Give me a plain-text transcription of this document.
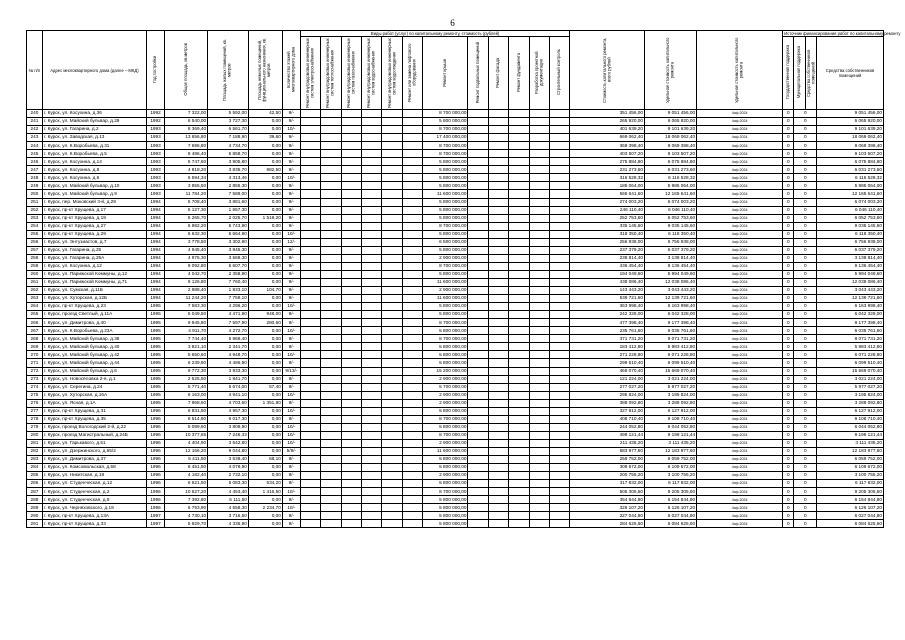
6
№ п/п	Адрес многоквартирного дома (далее – МКД)	Год постройки	Общая площадь, кв.метров	Площадь жилых помещений, кв. метров	Площадь нежилых помещений, функционального назначения, кв. метров	Количество этажей многоквартирного дома	Виды работ (услуг) по капитальному ремонту, стоимость (рублей)												Стоимость капитального ремонта, всего рублей	Удельная стоимость капитального ремонта	Удельная стоимость капитального ремонта	Источник финансирования работ по капитальному ремонту			
							Ремонт внутридомовых инженерных систем электроснабжения	Ремонт внутридомовых инженерных систем теплоснабжения	Ремонт внутридомовых инженерных систем газоснабжения	Ремонт внутридомовых инженерных систем водоснабжения	Ремонт внутридомовых инженерных систем водоотведения	Ремонт или замена лифтового оборудования	Ремонт крыши	Ремонт подвальных помещений	Ремонт фасада	Ремонт фундамента	Разработка проектной документации	Строительный контроль				Государственная поддержка	Муниципальная поддержка	Средства собственников помещений	Средства собственников помещений
240	г. Курск, ул. Косухина, д.36	1992	7 322,00	5 592,00	42,50	9/-							8 700 000,00						351 456,00	9 051 456,00	4сф.2024	0	0		9 051 456,00
241	г. Курск, ул. Майский бульвар, д.29	1992	6 540,00	3 727,30	0,00	9/-							5 800 000,00						265 920,00	6 065 920,00	4сф.2024	0	0		6 065 920,00
242	г. Курск, ул. Гагарина, д.2	1993	8 369,40	6 561,70	0,00	10/-							8 700 000,00						401 639,20	9 101 639,20	4сф.2024	0	0		9 101 639,20
243	г. Курск, ул. Заводская, д.13	1993	13 656,80	7 188,90	39,60	9/-							17 400 000,00						669 062,40	18 069 062,40	4сф.2024	0	0		18 069 062,40
244	г. Курск, ул. К.Воробьева, д.31	1993	7 696,80	4 734,70	0,00	9/-							8 700 000,00						369 398,40	9 069 398,40	4сф.2024	0	0		9 069 398,40
245	г. Курск, ул. К.Воробьева, д.5	1993	8 486,40	5 858,70	0,00	9/-							8 700 000,00						403 507,20	9 103 507,20	4сф.2024	0	0		9 103 507,20
246	г. Курск, ул. Косухина, д.14	1993	5 747,60	3 905,80	0,00	9/-							5 800 000,00						275 884,80	6 075 884,80	4сф.2024	0	0		6 075 884,80
247	г. Курск, ул. Косухина, д.8	1993	4 818,20	3 835,70	982,50	9/-							5 800 000,00						231 273,60	6 031 273,60	4сф.2024	0	0		6 031 273,60
248	г. Курск, ул. Косухина, д.6	1993	6 594,34	4 313,46	0,00	10/-							5 800 000,00						316 528,32	6 116 528,32	4сф.2024	0	0		6 116 528,32
249	г. Курск, ул. Майский бульвар, д.10	1993	3 855,50	2 855,30	0,00	9/-							5 800 000,00						185 064,00	5 985 064,00	4сф.2024	0	0		5 985 064,00
250	г. Курск, ул. Майский бульвар, д.9	1993	11 784,20	7 588,00	0,00	9/-							11 600 000,00						565 641,60	12 165 641,60	4сф.2024	0	0		12 165 641,60
251	г. Курск, пер. Моковский 3-й, д.29	1994	5 708,40	3 881,60	0,00	9/-							5 800 000,00						274 003,20	6 074 003,20	4сф.2024	0	0		6 074 003,20
252	г. Курск, пр-кт Хрущева, д.17	1994	5 127,30	1 657,30	0,00	9/-							5 800 000,00						246 110,40	6 046 110,40	4сф.2024	0	0		6 046 110,40
253	г. Курск, пр-кт Хрущева, д.19	1994	5 265,70	2 025,70	1 519,20	9/-							5 800 000,00						252 753,60	6 052 753,60	4сф.2024	0	0		6 052 753,60
254	г. Курск, пр-кт Хрущева, д.27	1994	6 982,20	5 743,90	0,00	9/-							8 700 000,00						335 145,60	9 035 145,60	4сф.2024	0	0		9 035 145,60
255	г. Курск, пр-кт Хрущева, д.29	1994	6 632,30	5 664,90	0,00	10/-							5 800 000,00						318 350,40	6 118 350,40	4сф.2024	0	0		6 118 350,40
256	г. Курск, ул. Энтузиастов, д.7	1994	3 778,50	3 302,90	0,00	12/-							6 500 000,00						256 938,00	6 756 938,00	4сф.2024	0	0		6 756 938,00
257	г. Курск, ул. Гагарина, д.25	1994	4 945,40	3 845,30	0,00	9/-							5 800 000,00						237 379,20	6 037 379,20	4сф.2024	0	0		6 037 379,20
258	г. Курск, ул. Гагарина, д.25А	1994	4 975,30	3 668,30	0,00	9/-							2 900 000,00						238 814,40	3 138 814,40	4сф.2024	0	0		3 138 814,40
259	г. Курск, ул. Косухина, д.12	1994	9 092,80	5 607,70	0,00	9/-							8 700 000,00						436 454,40	9 136 454,40	4сф.2024	0	0		9 136 454,40
260	г. Курск, ул. Парижской Коммуны, д.12	1994	4 042,70	2 358,90	0,00	9/-							5 800 000,00						194 049,60	5 994 049,60	4сф.2024	0	0		5 994 049,60
261	г. Курск, ул. Парижской Коммуны, д.71	1994	9 126,80	7 760,40	0,00	9/-							11 600 000,00						438 086,40	12 038 086,40	4сф.2024	0	0		12 038 086,40
262	г. Курск, ул. Сумская, д.11Б	1994	2 988,40	1 833,10	104,70	9/-							2 900 000,00						143 443,20	3 043 443,20	4сф.2024	0	0		3 043 443,20
263	г. Курск, ул. Хуторская, д.12Б	1994	11 244,20	7 759,10	0,00	9/-							11 600 000,00						539 721,60	12 139 721,60	4сф.2024	0	0		12 139 721,60
264	г. Курск, пр-кт Хрущева, д.23	1995	7 583,30	4 296,20	0,00	10/-							5 800 000,00						363 998,40	6 163 998,40	4сф.2024	0	0		6 163 998,40
265	г. Курск, проезд Светлый, д.11А	1995	5 049,50	4 471,90	948,00	9/-							5 800 000,00						242 328,00	6 042 328,00	4сф.2024	0	0		6 042 328,00
266	г. Курск, ул. Димитрова, д.40	1995	9 945,80	7 597,90	280,60	9/-							8 700 000,00						477 398,40	9 177 398,40	4сф.2024	0	0		9 177 398,40
267	г. Курск, ул. К.Воробьева, д.23А	1995	4 911,70	4 272,70	0,00	10/-							5 800 000,00						235 761,60	6 035 761,60	4сф.2024	0	0		6 035 761,60
268	г. Курск, ул. Майский бульвар, д.38	1995	7 744,40	5 968,40	0,00	9/-							8 700 000,00						371 731,20	9 071 731,20	4сф.2024	0	0		9 071 731,20
269	г. Курск, ул. Майский бульвар, д.40	1995	3 821,10	2 341,70	0,00	9/-							5 800 000,00						183 412,80	5 983 412,80	4сф.2024	0	0		5 983 412,80
270	г. Курск, ул. Майский бульвар, д.42	1995	5 650,60	4 948,70	0,00	10/-							5 800 000,00						271 228,80	6 071 228,80	4сф.2024	0	0		6 071 228,80
271	г. Курск, ул. Майский бульвар, д.44	1995	6 239,80	4 486,90	0,00	9/-							5 800 000,00						299 510,40	6 099 510,40	4сф.2024	0	0		6 099 510,40
272	г. Курск, ул. Майский бульвар, д.6	1995	9 772,30	3 933,30	0,00	9/13/-							15 200 000,00						469 070,40	15 669 070,40	4сф.2024	0	0		15 669 070,40
273	г. Курск, ул. Новосёловка 2-я, д.1	1995	2 525,50	1 841,70	0,00	9/-							2 900 000,00						121 224,00	3 021 224,00	4сф.2024	0	0		3 021 224,00
274	г. Курск, ул. Серегина, д.24	1995	5 771,40	5 674,00	57,40	9/-							5 700 000,00						277 027,20	5 977 027,20	4сф.2024	0	0		5 977 027,20
275	г. Курск, ул. Хуторская, д.16А	1995	6 163,00	4 941,10	0,00	10/-							2 900 000,00						295 824,00	3 195 824,00	4сф.2024	0	0		3 195 824,00
276	г. Курск, ул. Ясная, д.1А	1995	7 968,60	4 703,60	1 351,80	9/-							2 900 000,00						388 092,80	3 288 092,80	4сф.2024	0	0		3 288 092,80
277	г. Курск, пр-кт Хрущева, д.31	1996	6 831,50	4 967,30	0,00	10/-							5 800 000,00						327 912,00	6 127 912,00	4сф.2024	0	0		6 127 912,00
278	г. Курск, пр-кт Хрущева, д.35	1996	8 514,80	6 017,30	0,00	9/-							8 700 000,00						408 710,40	9 108 710,40	4сф.2024	0	0		9 108 710,40
279	г. Курск, проезд Вологодский 2-й, д.22	1996	5 099,60	3 808,90	0,00	10/-							5 800 000,00						244 052,80	6 044 052,80	4сф.2024	0	0		6 044 052,80
280	г. Курск, проезд Магистральный, д.24Б	1996	10 377,65	7 246,33	0,00	10/-							8 700 000,00						498 121,44	9 198 121,44	4сф.2024	0	0		9 198 121,44
281	г. Курск, ул. Гарькавого, д.51	1996	4 404,90	3 542,80	0,00	10/-							2 900 000,00						211 435,20	3 111 435,20	4сф.2024	0	0		3 111 435,20
282	г. Курск, ул. Дзержинского, д.65/2	1996	12 166,20	9 044,80	0,00	5/9/-							11 600 000,00						583 977,60	12 183 977,60	4сф.2024	0	0		12 183 977,60
283	г. Курск, ул. Димитрова, д.37	1996	5 411,50	3 638,40	68,10	9/-							5 800 000,00						259 752,00	6 059 752,00	4сф.2024	0	0		6 059 752,00
284	г. Курск, ул. Комсомольская, д.58	1996	6 451,50	4 078,90	0,00	9/-							5 800 000,00						309 672,00	6 109 672,00	4сф.2024	0	0		6 109 672,00
285	г. Курск, ул. Никитская, д.18	1996	4 182,40	2 732,10	0,00	9/-							2 900 000,00						200 755,20	3 100 755,20	4сф.2024	0	0		3 100 755,20
286	г. Курск, ул. Студенческая, д.12	1996	6 621,50	5 083,30	534,20	9/-							5 800 000,00						317 832,00	6 117 832,00	4сф.2024	0	0		6 117 832,00
287	г. Курск, ул. Студенческая, д.2	1996	10 527,20	4 453,40	1 416,50	10/-							8 700 000,00						505 305,60	9 205 305,60	4сф.2024	0	0		9 205 305,60
288	г. Курск, ул. Студенческая, д.8	1996	7 392,80	6 111,50	0,00	9/-							5 800 000,00						354 844,80	6 154 844,80	4сф.2024	0	0		6 154 844,80
289	г. Курск, ул. Черняховского, д.19	1996	6 793,90	4 558,30	2 234,70	10/-							5 800 000,00						326 107,20	6 126 107,20	4сф.2024	0	0		6 126 107,20
290	г. Курск, пр-кт Хрущева, д.13А	1997	4 730,10	3 716,50	0,00	9/-							5 800 000,00						227 044,80	6 027 044,80	4сф.2024	0	0		6 027 044,80
291	г. Курск, пр-кт Хрущева, д.33	1997	5 929,70	4 336,90	0,00	9/-							5 800 000,00						284 625,60	6 084 625,60	4сф.2024	0	0		6 084 625,60
